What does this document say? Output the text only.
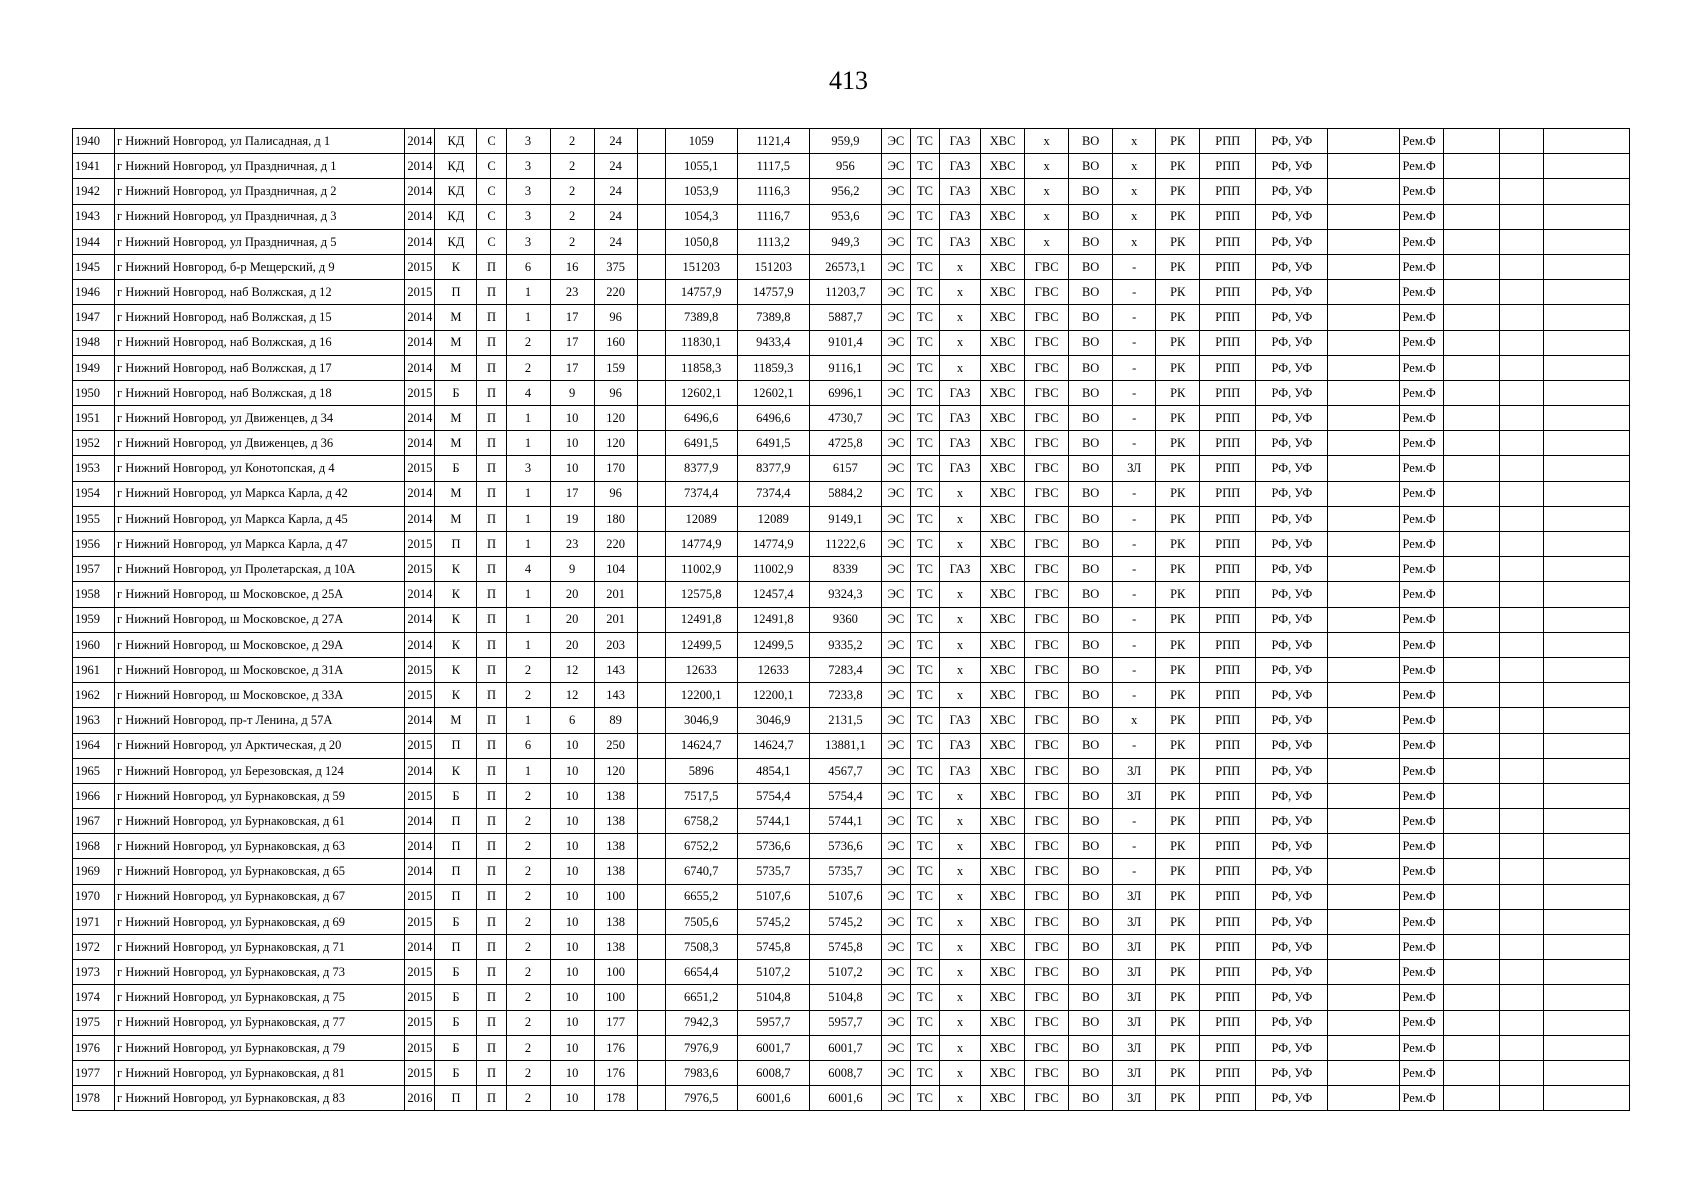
413
1940	г Нижний Новгород, ул Палисадная, д 1	2014	КД	С	3	2	24		1059	1121,4	959,9	ЭС	ТС	ГАЗ	ХВС	х	ВО	х	РК	РПП	РФ, УФ		Рем.Ф			
1941	г Нижний Новгород, ул Праздничная, д 1	2014	КД	С	3	2	24		1055,1	1117,5	956	ЭС	ТС	ГАЗ	ХВС	х	ВО	х	РК	РПП	РФ, УФ		Рем.Ф			
1942	г Нижний Новгород, ул Праздничная, д 2	2014	КД	С	3	2	24		1053,9	1116,3	956,2	ЭС	ТС	ГАЗ	ХВС	х	ВО	х	РК	РПП	РФ, УФ		Рем.Ф			
1943	г Нижний Новгород, ул Праздничная, д 3	2014	КД	С	3	2	24		1054,3	1116,7	953,6	ЭС	ТС	ГАЗ	ХВС	х	ВО	х	РК	РПП	РФ, УФ		Рем.Ф			
1944	г Нижний Новгород, ул Праздничная, д 5	2014	КД	С	3	2	24		1050,8	1113,2	949,3	ЭС	ТС	ГАЗ	ХВС	х	ВО	х	РК	РПП	РФ, УФ		Рем.Ф			
1945	г Нижний Новгород, б-р Мещерский, д 9	2015	К	П	6	16	375		151203	151203	26573,1	ЭС	ТС	х	ХВС	ГВС	ВО	-	РК	РПП	РФ, УФ		Рем.Ф			
1946	г Нижний Новгород, наб Волжская, д 12	2015	П	П	1	23	220		14757,9	14757,9	11203,7	ЭС	ТС	х	ХВС	ГВС	ВО	-	РК	РПП	РФ, УФ		Рем.Ф			
1947	г Нижний Новгород, наб Волжская, д 15	2014	М	П	1	17	96		7389,8	7389,8	5887,7	ЭС	ТС	х	ХВС	ГВС	ВО	-	РК	РПП	РФ, УФ		Рем.Ф			
1948	г Нижний Новгород, наб Волжская, д 16	2014	М	П	2	17	160		11830,1	9433,4	9101,4	ЭС	ТС	х	ХВС	ГВС	ВО	-	РК	РПП	РФ, УФ		Рем.Ф			
1949	г Нижний Новгород, наб Волжская, д 17	2014	М	П	2	17	159		11858,3	11859,3	9116,1	ЭС	ТС	х	ХВС	ГВС	ВО	-	РК	РПП	РФ, УФ		Рем.Ф			
1950	г Нижний Новгород, наб Волжская, д 18	2015	Б	П	4	9	96		12602,1	12602,1	6996,1	ЭС	ТС	ГАЗ	ХВС	ГВС	ВО	-	РК	РПП	РФ, УФ		Рем.Ф			
1951	г Нижний Новгород, ул Движенцев, д 34	2014	М	П	1	10	120		6496,6	6496,6	4730,7	ЭС	ТС	ГАЗ	ХВС	ГВС	ВО	-	РК	РПП	РФ, УФ		Рем.Ф			
1952	г Нижний Новгород, ул Движенцев, д 36	2014	М	П	1	10	120		6491,5	6491,5	4725,8	ЭС	ТС	ГАЗ	ХВС	ГВС	ВО	-	РК	РПП	РФ, УФ		Рем.Ф			
1953	г Нижний Новгород, ул Конотопская, д 4	2015	Б	П	3	10	170		8377,9	8377,9	6157	ЭС	ТС	ГАЗ	ХВС	ГВС	ВО	ЗЛ	РК	РПП	РФ, УФ		Рем.Ф			
1954	г Нижний Новгород, ул Маркса Карла, д 42	2014	М	П	1	17	96		7374,4	7374,4	5884,2	ЭС	ТС	х	ХВС	ГВС	ВО	-	РК	РПП	РФ, УФ		Рем.Ф			
1955	г Нижний Новгород, ул Маркса Карла, д 45	2014	М	П	1	19	180		12089	12089	9149,1	ЭС	ТС	х	ХВС	ГВС	ВО	-	РК	РПП	РФ, УФ		Рем.Ф			
1956	г Нижний Новгород, ул Маркса Карла, д 47	2015	П	П	1	23	220		14774,9	14774,9	11222,6	ЭС	ТС	х	ХВС	ГВС	ВО	-	РК	РПП	РФ, УФ		Рем.Ф			
1957	г Нижний Новгород, ул Пролетарская, д 10А	2015	К	П	4	9	104		11002,9	11002,9	8339	ЭС	ТС	ГАЗ	ХВС	ГВС	ВО	-	РК	РПП	РФ, УФ		Рем.Ф			
1958	г Нижний Новгород, ш Московское, д 25А	2014	К	П	1	20	201		12575,8	12457,4	9324,3	ЭС	ТС	х	ХВС	ГВС	ВО	-	РК	РПП	РФ, УФ		Рем.Ф			
1959	г Нижний Новгород, ш Московское, д 27А	2014	К	П	1	20	201		12491,8	12491,8	9360	ЭС	ТС	х	ХВС	ГВС	ВО	-	РК	РПП	РФ, УФ		Рем.Ф			
1960	г Нижний Новгород, ш Московское, д 29А	2014	К	П	1	20	203		12499,5	12499,5	9335,2	ЭС	ТС	х	ХВС	ГВС	ВО	-	РК	РПП	РФ, УФ		Рем.Ф			
1961	г Нижний Новгород, ш Московское, д 31А	2015	К	П	2	12	143		12633	12633	7283,4	ЭС	ТС	х	ХВС	ГВС	ВО	-	РК	РПП	РФ, УФ		Рем.Ф			
1962	г Нижний Новгород, ш Московское, д 33А	2015	К	П	2	12	143		12200,1	12200,1	7233,8	ЭС	ТС	х	ХВС	ГВС	ВО	-	РК	РПП	РФ, УФ		Рем.Ф			
1963	г Нижний Новгород, пр-т Ленина, д 57А	2014	М	П	1	6	89		3046,9	3046,9	2131,5	ЭС	ТС	ГАЗ	ХВС	ГВС	ВО	х	РК	РПП	РФ, УФ		Рем.Ф			
1964	г Нижний Новгород, ул Арктическая, д 20	2015	П	П	6	10	250		14624,7	14624,7	13881,1	ЭС	ТС	ГАЗ	ХВС	ГВС	ВО	-	РК	РПП	РФ, УФ		Рем.Ф			
1965	г Нижний Новгород, ул Березовская, д 124	2014	К	П	1	10	120		5896	4854,1	4567,7	ЭС	ТС	ГАЗ	ХВС	ГВС	ВО	ЗЛ	РК	РПП	РФ, УФ		Рем.Ф			
1966	г Нижний Новгород, ул Бурнаковская, д 59	2015	Б	П	2	10	138		7517,5	5754,4	5754,4	ЭС	ТС	х	ХВС	ГВС	ВО	ЗЛ	РК	РПП	РФ, УФ		Рем.Ф			
1967	г Нижний Новгород, ул Бурнаковская, д 61	2014	П	П	2	10	138		6758,2	5744,1	5744,1	ЭС	ТС	х	ХВС	ГВС	ВО	-	РК	РПП	РФ, УФ		Рем.Ф			
1968	г Нижний Новгород, ул Бурнаковская, д 63	2014	П	П	2	10	138		6752,2	5736,6	5736,6	ЭС	ТС	х	ХВС	ГВС	ВО	-	РК	РПП	РФ, УФ		Рем.Ф			
1969	г Нижний Новгород, ул Бурнаковская, д 65	2014	П	П	2	10	138		6740,7	5735,7	5735,7	ЭС	ТС	х	ХВС	ГВС	ВО	-	РК	РПП	РФ, УФ		Рем.Ф			
1970	г Нижний Новгород, ул Бурнаковская, д 67	2015	П	П	2	10	100		6655,2	5107,6	5107,6	ЭС	ТС	х	ХВС	ГВС	ВО	ЗЛ	РК	РПП	РФ, УФ		Рем.Ф			
1971	г Нижний Новгород, ул Бурнаковская, д 69	2015	Б	П	2	10	138		7505,6	5745,2	5745,2	ЭС	ТС	х	ХВС	ГВС	ВО	ЗЛ	РК	РПП	РФ, УФ		Рем.Ф			
1972	г Нижний Новгород, ул Бурнаковская, д 71	2014	П	П	2	10	138		7508,3	5745,8	5745,8	ЭС	ТС	х	ХВС	ГВС	ВО	ЗЛ	РК	РПП	РФ, УФ		Рем.Ф			
1973	г Нижний Новгород, ул Бурнаковская, д 73	2015	Б	П	2	10	100		6654,4	5107,2	5107,2	ЭС	ТС	х	ХВС	ГВС	ВО	ЗЛ	РК	РПП	РФ, УФ		Рем.Ф			
1974	г Нижний Новгород, ул Бурнаковская, д 75	2015	Б	П	2	10	100		6651,2	5104,8	5104,8	ЭС	ТС	х	ХВС	ГВС	ВО	ЗЛ	РК	РПП	РФ, УФ		Рем.Ф			
1975	г Нижний Новгород, ул Бурнаковская, д 77	2015	Б	П	2	10	177		7942,3	5957,7	5957,7	ЭС	ТС	х	ХВС	ГВС	ВО	ЗЛ	РК	РПП	РФ, УФ		Рем.Ф			
1976	г Нижний Новгород, ул Бурнаковская, д 79	2015	Б	П	2	10	176		7976,9	6001,7	6001,7	ЭС	ТС	х	ХВС	ГВС	ВО	ЗЛ	РК	РПП	РФ, УФ		Рем.Ф			
1977	г Нижний Новгород, ул Бурнаковская, д 81	2015	Б	П	2	10	176		7983,6	6008,7	6008,7	ЭС	ТС	х	ХВС	ГВС	ВО	ЗЛ	РК	РПП	РФ, УФ		Рем.Ф			
1978	г Нижний Новгород, ул Бурнаковская, д 83	2016	П	П	2	10	178		7976,5	6001,6	6001,6	ЭС	ТС	х	ХВС	ГВС	ВО	ЗЛ	РК	РПП	РФ, УФ		Рем.Ф			
